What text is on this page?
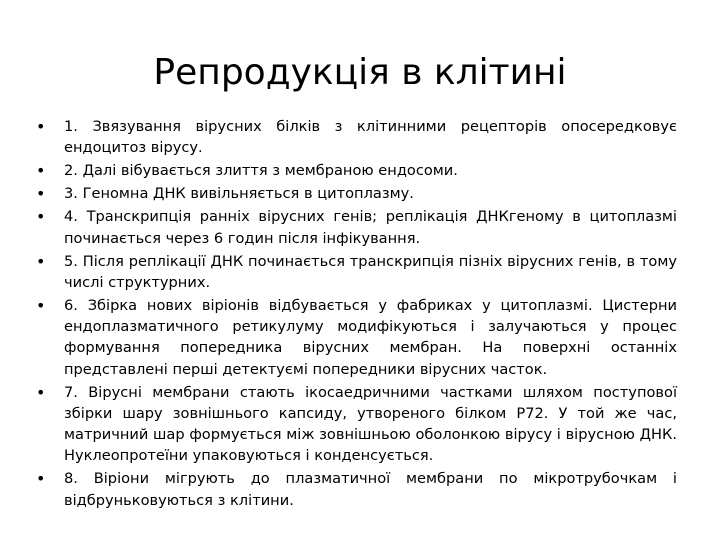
Репродукція в клітині
•	1. Звязування вірусних білків з клітинними рецепторів опосередковує ендоцитоз вірусу.
•	2. Далі вібувається злиття з мембраною ендосоми.
•	3. Геномна ДНК вивільняється в цитоплазму.
•	4. Транскрипція ранніх вірусних генів; реплікація ДНКгеному в цитоплазмі починається через 6 годин після інфікування.
•	5. Після реплікації ДНК починається транскрипція пізніх вірусних генів, в тому числі структурних.
•	6. Збірка нових віріонів відбувається у фабриках у цитоплазмі. Цистерни ендоплазматичного ретикулуму модифікуються і залучаються у процес формування попередника вірусних мембран. На поверхні останніх представлені перші детектуємі попередники вірусних часток.
•	7. Вірусні мембрани стають ікосаедричними частками шляхом поступової збірки шару зовнішнього капсиду, утвореного білком P72. У той же час, матричний шар формується між зовнішньою оболонкою вірусу і вірусною ДНК. Нуклеопротеїни упаковуються і конденсується.
•	8. Віріони мігрують до плазматичної мембрани по мікротрубочкам і відбруньковуються з клітини.
